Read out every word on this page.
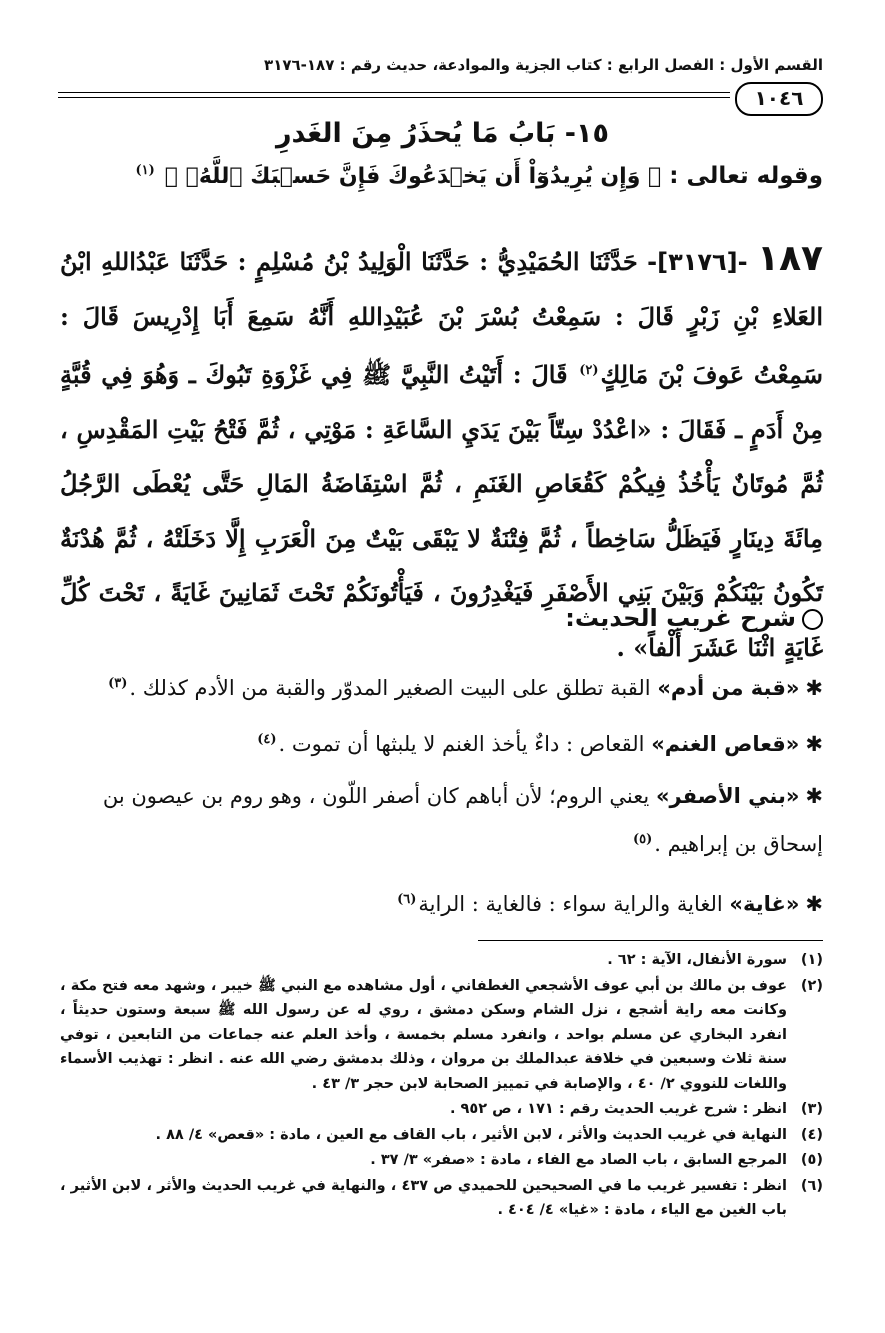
القسم الأول : الفصل الرابع : كتاب الجزية والموادعة، حديث رقم : ١٨٧-٣١٧٦
١٠٤٦
١٥- بَابُ مَا يُحذَرُ مِنَ الغَدرِ
وقوله تعالى : ﴿ وَإِن يُرِيدُوٓاْ أَن يَخۡدَعُوكَ فَإِنَّ حَسۡبَكَ ٱللَّهُۚ ﴾ $^{(١)}$
١٨٧ -[٣١٧٦]- حَدَّثَنَا الحُمَيْدِيُّ : حَدَّثَنَا الْوَلِيدُ بْنُ مُسْلِمٍ : حَدَّثَنَا عَبْدُاللهِ ابْنُ العَلاءِ بْنِ زَبْرٍ قَالَ : سَمِعْتُ بُسْرَ بْنَ عُبَيْدِاللهِ أَنَّهُ سَمِعَ أَبَا إِدْرِيسَ قَالَ : سَمِعْتُ عَوفَ بْنَ مَالِكٍ$^{(٢)}$ قَالَ : أَتَيْتُ النَّبِيَّ ﷺ فِي غَزْوَةِ تَبُوكَ ـ وَهُوَ فِي قُبَّةٍ مِنْ أَدَمٍ ـ فَقَالَ : «اعْدُدْ سِتّاً بَيْنَ يَدَيِ السَّاعَةِ : مَوْتِي ، ثُمَّ فَتْحُ بَيْتِ المَقْدِسِ ، ثُمَّ مُوتَانٌ يَأْخُذُ فِيكُمْ كَقُعَاصِ الغَنَمِ ، ثُمَّ اسْتِفَاضَةُ المَالِ حَتَّى يُعْطَى الرَّجُلُ مِائَةَ دِينَارٍ فَيَظَلُّ سَاخِطاً ، ثُمَّ فِتْنَةٌ لا يَبْقَى بَيْتٌ مِنَ الْعَرَبِ إِلَّا دَخَلَتْهُ ، ثُمَّ هُدْنَةٌ تَكُونُ بَيْنَكُمْ وَبَيْنَ بَنِي الأَصْفَرِ فَيَغْدِرُونَ ، فَيَأْتُونَكُمْ تَحْتَ ثَمَانِينَ غَايَةً ، تَحْتَ كُلِّ غَايَةٍ اثْنَا عَشَرَ أَلْفاً» .
شرح غريب الحديث:
✱«قبة من أدم» القبة تطلق على البيت الصغير المدوّر والقبة من الأدم كذلك .$^{(٣)}$
✱«قعاص الغنم» القعاص : داءٌ يأخذ الغنم لا يلبثها أن تموت .$^{(٤)}$
✱«بني الأصفر» يعني الروم؛ لأن أباهم كان أصفر اللّون ، وهو روم بن عيصون بن إسحاق بن إبراهيم .$^{(٥)}$
✱«غاية» الغاية والراية سواء : فالغاية : الراية$^{(٦)}$
(١)
سورة الأنفال، الآية : ٦٢ .
(٢)
عوف بن مالك بن أبي عوف الأشجعي الغطفاني ، أول مشاهده مع النبي ﷺ خيبر ، وشهد معه فتح مكة ، وكانت معه راية أشجع ، نزل الشام وسكن دمشق ، روي له عن رسول الله ﷺ سبعة وستون حديثاً ، انفرد البخاري عن مسلم بواحد ، وانفرد مسلم بخمسة ، وأخذ العلم عنه جماعات من التابعين ، توفي سنة ثلاث وسبعين في خلافة عبدالملك بن مروان ، وذلك بدمشق رضي الله عنه . انظر : تهذيب الأسماء واللغات للنووي ٢/ ٤٠ ، والإصابة في تمييز الصحابة لابن حجر ٣/ ٤٣ .
(٣)
انظر : شرح غريب الحديث رقم : ١٧١ ، ص ٩٥٢ .
(٤)
النهاية في غريب الحديث والأثر ، لابن الأثير ، باب القاف مع العين ، مادة : «قعص» ٤/ ٨٨ .
(٥)
المرجع السابق ، باب الصاد مع الفاء ، مادة : «صفر» ٣/ ٣٧ .
(٦)
انظر : تفسير غريب ما في الصحيحين للحميدي ص ٤٣٧ ، والنهاية في غريب الحديث والأثر ، لابن الأثير ، باب الغين مع الياء ، مادة : «غيا» ٤/ ٤٠٤ .
